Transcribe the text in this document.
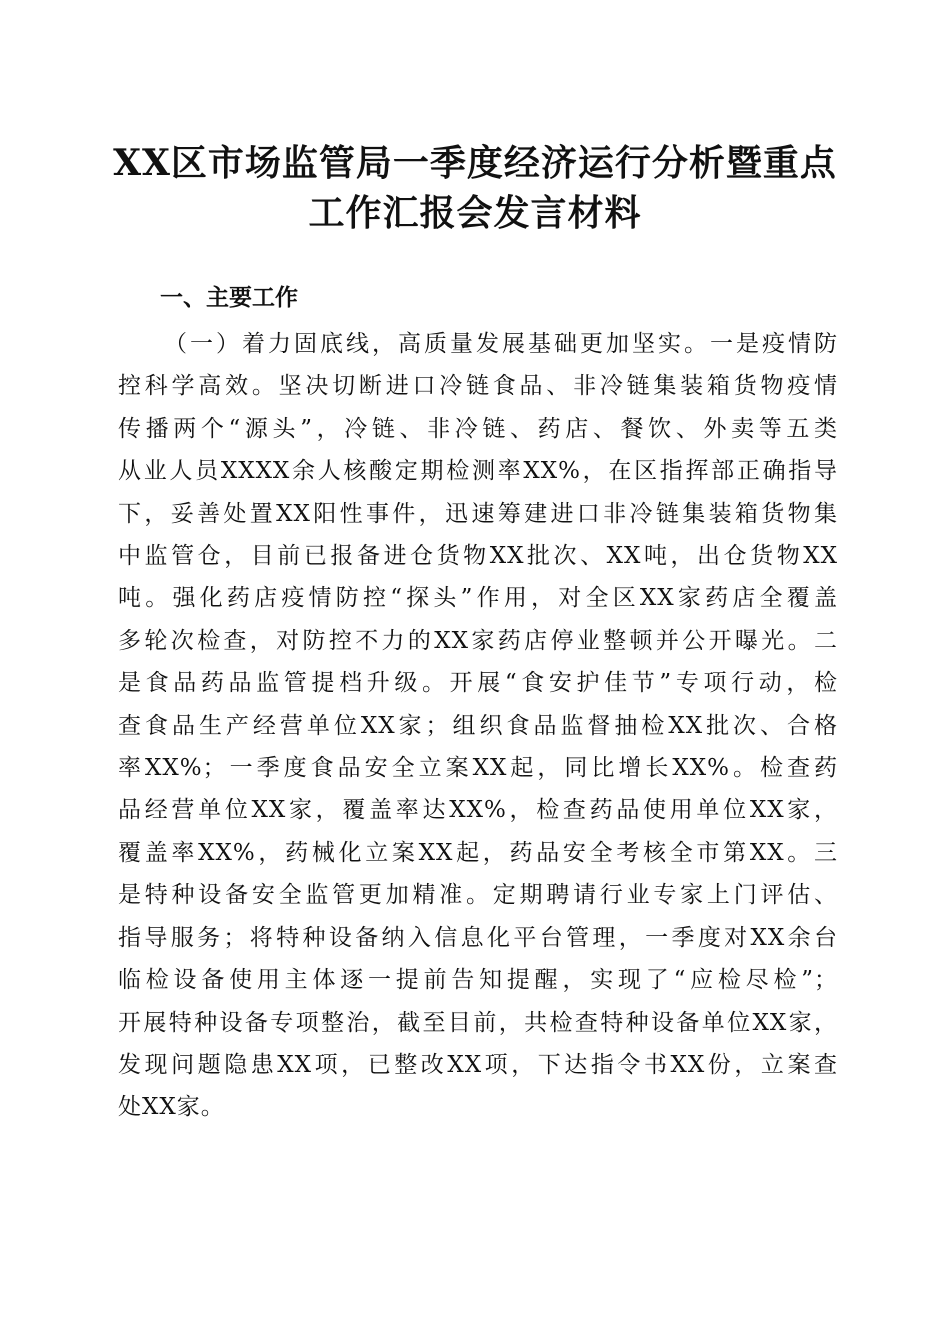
XX区市场监管局一季度经济运行分析暨重点
工作汇报会发言材料
一、主要工作
（一）着力固底线，高质量发展基础更加坚实。一是疫情防
控科学高效。坚决切断进口冷链食品、非冷链集装箱货物疫情
传播两个“源头”，冷链、非冷链、药店、餐饮、外卖等五类
从业人员XXXX余人核酸定期检测率XX%，在区指挥部正确指导
下，妥善处置XX阳性事件，迅速筹建进口非冷链集装箱货物集
中监管仓，目前已报备进仓货物XX批次、XX吨，出仓货物XX
吨。强化药店疫情防控“探头”作用，对全区XX家药店全覆盖
多轮次检查，对防控不力的XX家药店停业整顿并公开曝光。二
是食品药品监管提档升级。开展“食安护佳节”专项行动，检
查食品生产经营单位XX家；组织食品监督抽检XX批次、合格
率XX%；一季度食品安全立案XX起，同比增长XX%。检查药
品经营单位XX家，覆盖率达XX%，检查药品使用单位XX家，
覆盖率XX%，药械化立案XX起，药品安全考核全市第XX。三
是特种设备安全监管更加精准。定期聘请行业专家上门评估、
指导服务；将特种设备纳入信息化平台管理，一季度对XX余台
临检设备使用主体逐一提前告知提醒，实现了“应检尽检”；
开展特种设备专项整治，截至目前，共检查特种设备单位XX家，
发现问题隐患XX项，已整改XX项，下达指令书XX份，立案查
处XX家。
